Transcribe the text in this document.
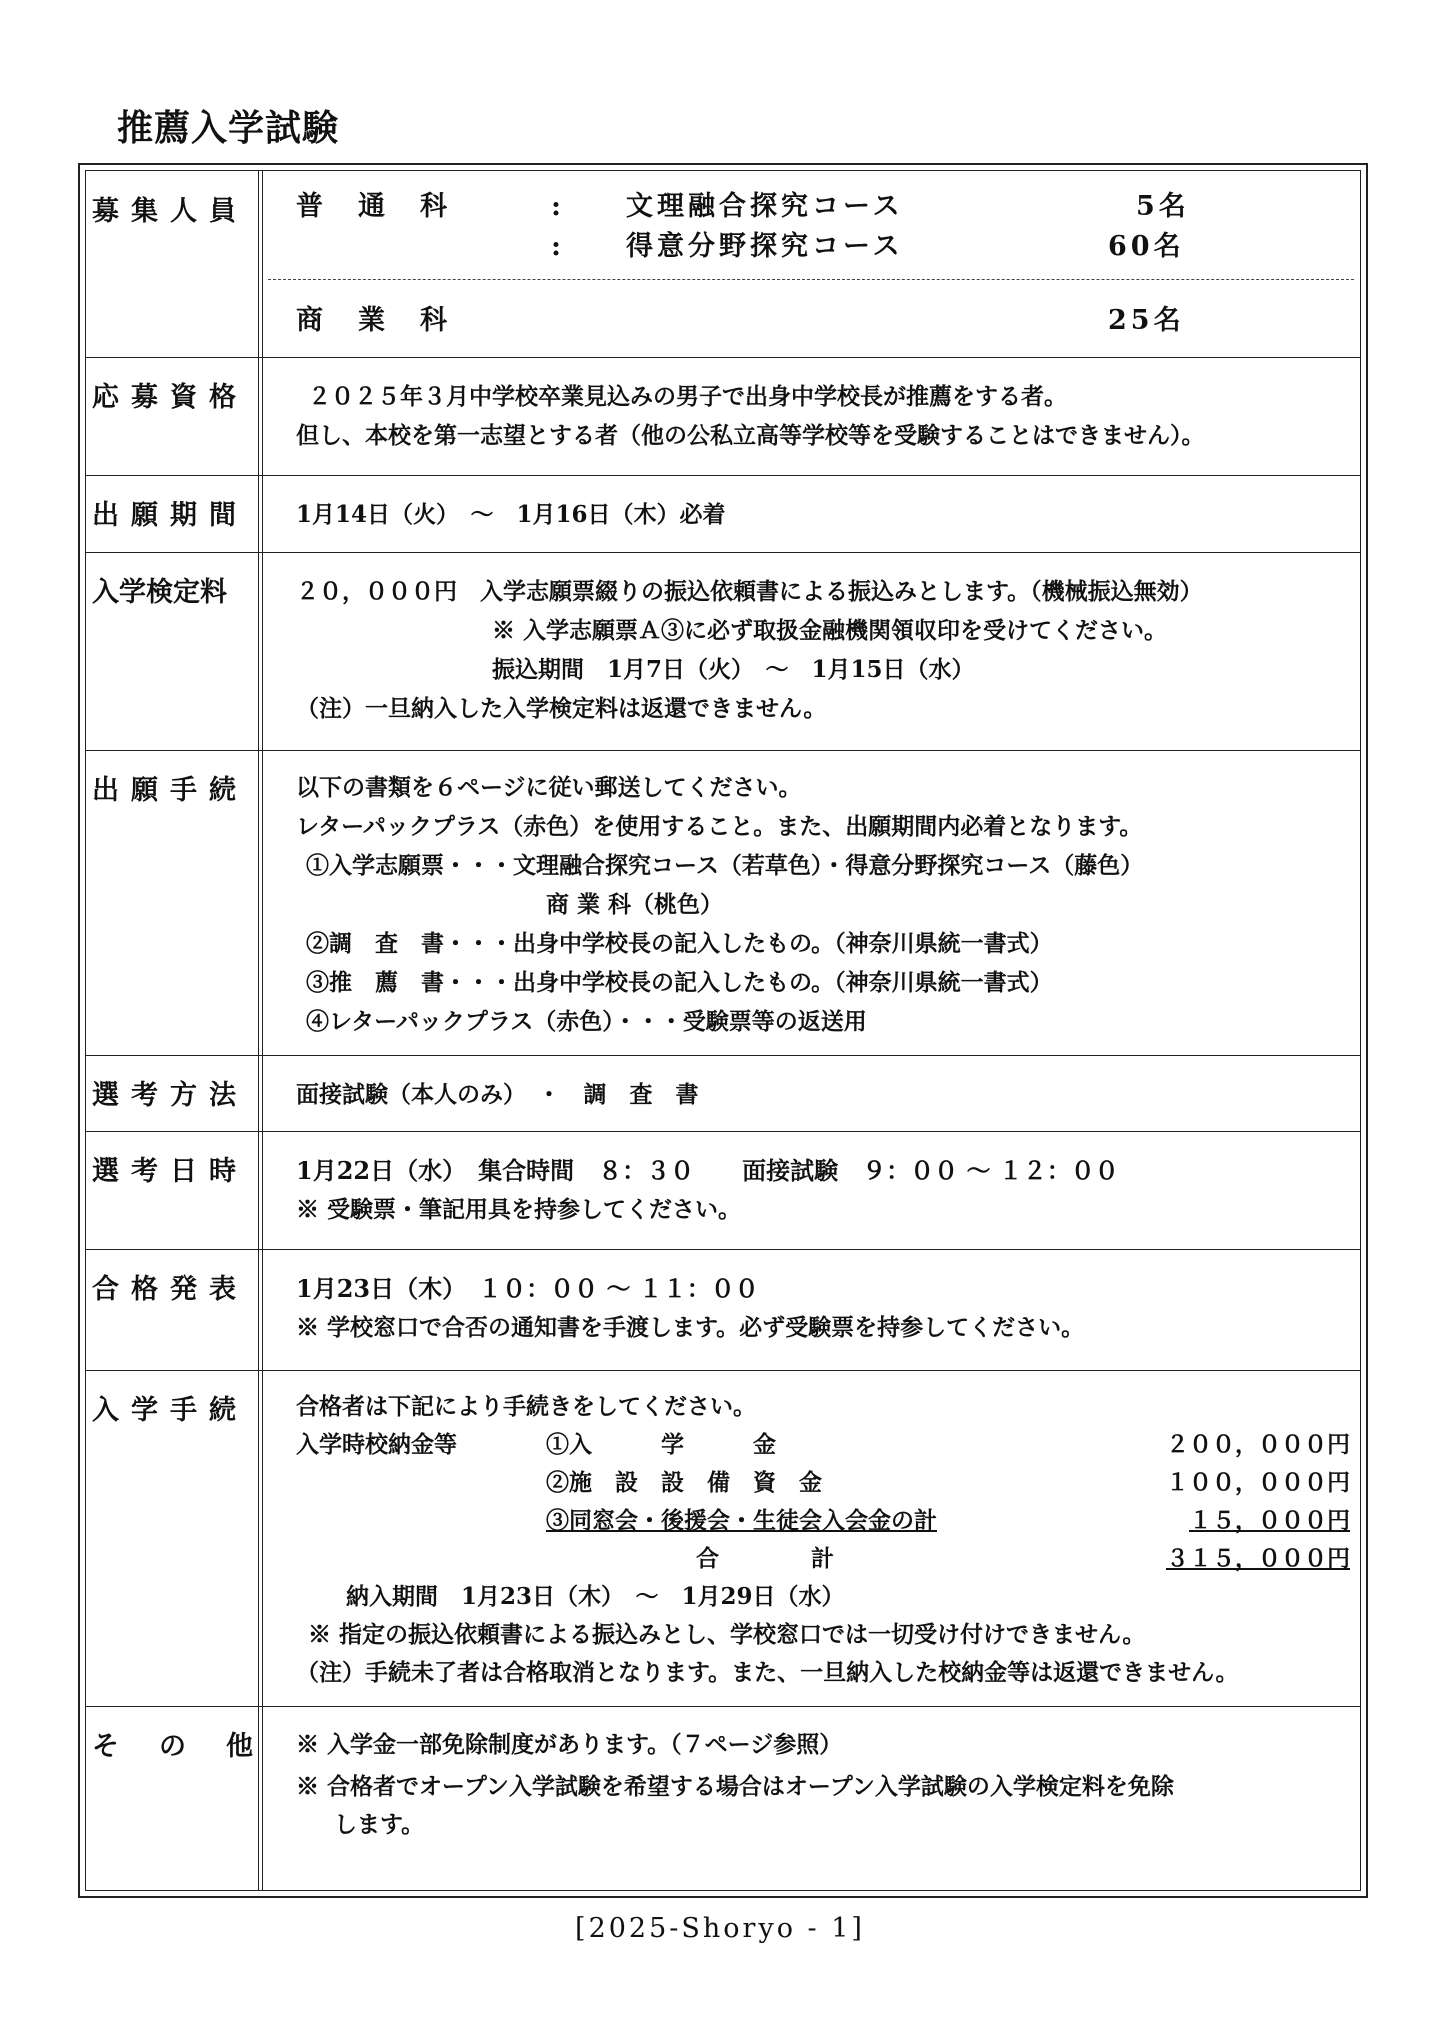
推薦入学試験
募集人員 普　通　科	: 文理融合探究コース	5名
: 得意分野探究コース	60名
商　業　科	25名
応募資格	２０２５年３月中学校卒業見込みの男子で出身中学校長が推薦をする者。
但し、本校を第一志望とする者（他の公私立高等学校等を受験することはできません）。
出願期間 1月14日（火）　～　1月16日（木）必着
入学検定料	２０，０００円　入学志願票綴りの振込依頼書による振込みとします。（機械振込無効）
※ 入学志願票Ａ③に必ず取扱金融機関領収印を受けてください。
振込期間　1月7日（火）　～　1月15日（水）
（注）一旦納入した入学検定料は返還できません。
出願手続 以下の書類を６ページに従い郵送してください。
レターパックプラス（赤色）を使用すること。また、出願期間内必着となります。
①入学志願票・・・文理融合探究コース（若草色）・得意分野探究コース（藤色）
商 業 科（桃色）
②調　査　書・・・出身中学校長の記入したもの。（神奈川県統一書式）
③推　薦　書・・・出身中学校長の記入したもの。（神奈川県統一書式）
④レターパックプラス（赤色）・・・受験票等の返送用
選考方法 面接試験（本人のみ）　・　調　査　書
選考日時 1月22日（水）　集合時間　８：３０　　面接試験　９：００ ～ １２：００
※ 受験票・筆記用具を持参してください。
合格発表 1月23日（木）　１０：００ ～ １１：００
※ 学校窓口で合否の通知書を手渡します。必ず受験票を持参してください。
入学手続 合格者は下記により手続きをしてください。
入学時校納金等	①入　　　学　　　金	２００，０００円
②施　設　設　備　資　金	１００，０００円
③同窓会・後援会・生徒会入会金の計	１５，０００円
合　　　　計	３１５，０００円
納入期間　1月23日（木）　～　1月29日（水）
※ 指定の振込依頼書による振込みとし、学校窓口では一切受け付けできません。
（注）手続未了者は合格取消となります。また、一旦納入した校納金等は返還できません。
その他 ※ 入学金一部免除制度があります。（７ページ参照）
※ 合格者でオープン入学試験を希望する場合はオープン入学試験の入学検定料を免除
します。
[2025-Shoryo - 1]
